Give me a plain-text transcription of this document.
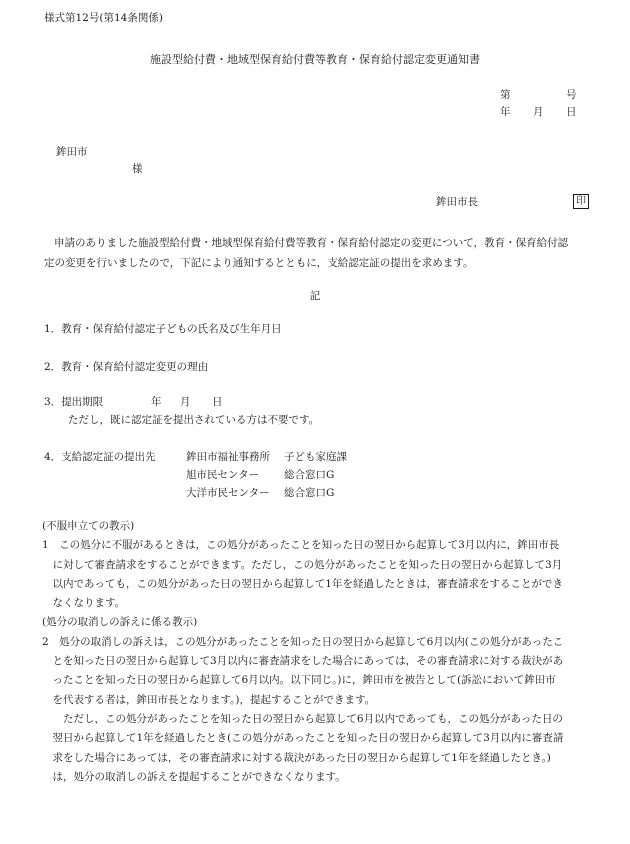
様式第12号(第14条関係)
施設型給付費・地域型保育給付費等教育・保育給付認定変更通知書
第	号
年 月 日
鉾田市
様
鉾田市長	印
申請のありました施設型給付費・地域型保育給付費等教育・保育給付認定の変更について，教育・保育給付認
定の変更を行いましたので，下記により通知するとともに，支給認定証の提出を求めます。
記
1．教育・保育給付認定子どもの氏名及び生年月日
2．教育・保育給付認定変更の理由
3．提出期限	年 月 日
ただし，既に認定証を提出されている方は不要です。
4．支給認定証の提出先	鉾田市福祉事務所 子ども家庭課
旭市民センター 総合窓口G
大洋市民センター 総合窓口G
(不服申立ての教示)
1　この処分に不服があるときは，この処分があったことを知った日の翌日から起算して3月以内に，鉾田市長
　に対して審査請求をすることができます。ただし，この処分があったことを知った日の翌日から起算して3月
　以内であっても，この処分があった日の翌日から起算して1年を経過したときは，審査請求をすることができ
　なくなります。
(処分の取消しの訴えに係る教示)
2　処分の取消しの訴えは，この処分があったことを知った日の翌日から起算して6月以内(この処分があったこ
　とを知った日の翌日から起算して3月以内に審査請求をした場合にあっては，その審査請求に対する裁決があ
　ったことを知った日の翌日から起算して6月以内。以下同じ。)に，鉾田市を被告として(訴訟において鉾田市
　を代表する者は，鉾田市長となります。)，提起することができます。
　　ただし，この処分があったことを知った日の翌日から起算して6月以内であっても，この処分があった日の
　翌日から起算して1年を経過したとき(この処分があったことを知った日の翌日から起算して3月以内に審査請
　求をした場合にあっては，その審査請求に対する裁決があった日の翌日から起算して1年を経過したとき。)
　は，処分の取消しの訴えを提起することができなくなります。
